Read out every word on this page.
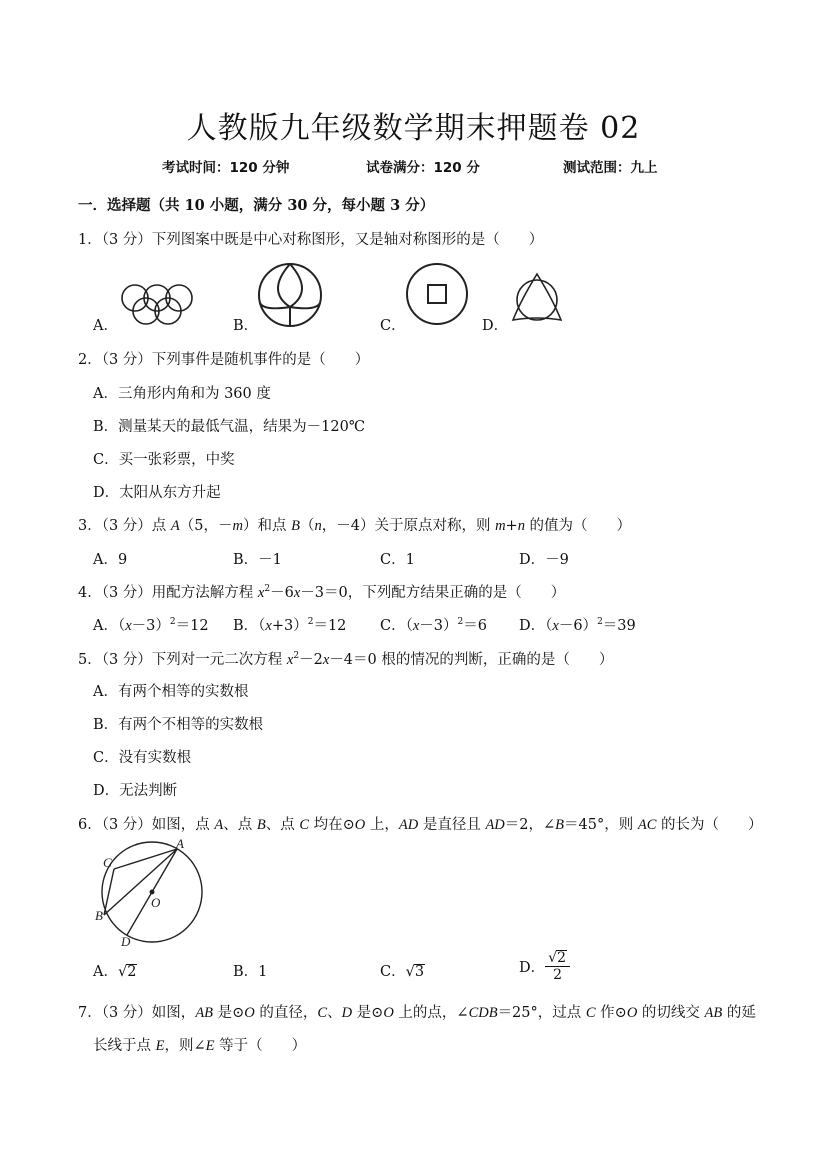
人教版九年级数学期末押题卷 02
考试时间：120 分钟	试卷满分：120 分	测试范围：九上
一．选择题（共 10 小题，满分 30 分，每小题 3 分）
1．（3 分）下列图案中既是中心对称图形，又是轴对称图形的是（　　）
A．	B．	C．	D．
2．（3 分）下列事件是随机事件的是（　　）
A．三角形内角和为 360 度
B．测量某天的最低气温，结果为－120℃
C．买一张彩票，中奖
D．太阳从东方升起
3．（3 分）点 A（5，－m）和点 B（n，－4）关于原点对称，则 m+n 的值为（　　）
A．9	B．－1	C．1	D．－9
4．（3 分）用配方法解方程 $x^2-6x-3=0$，下列配方结果正确的是（　　）
A．$(x-3)^2=12$ B．$(x+3)^2=12$ C．$(x-3)^2=6$ D．$(x-6)^2=39$
5．（3 分）下列对一元二次方程 $x^2-2x-4=0$ 根的情况的判断，正确的是（　　）
A．有两个相等的实数根
B．有两个不相等的实数根
C．没有实数根
D．无法判断
6．（3 分）如图，点 A、点 B、点 C 均在⊙O 上，AD 是直径且 AD＝2，∠B＝45°，则 AC 的长为（　　）
A
C
B
D
O
A．√2	B．1	C．√3	D． $\frac{√2}{2}$
7．（3 分）如图，AB 是⊙O 的直径，C、D 是⊙O 上的点，∠CDB＝25°，过点 C 作⊙O 的切线交 AB 的延
长线于点 E，则∠E 等于（　　）
